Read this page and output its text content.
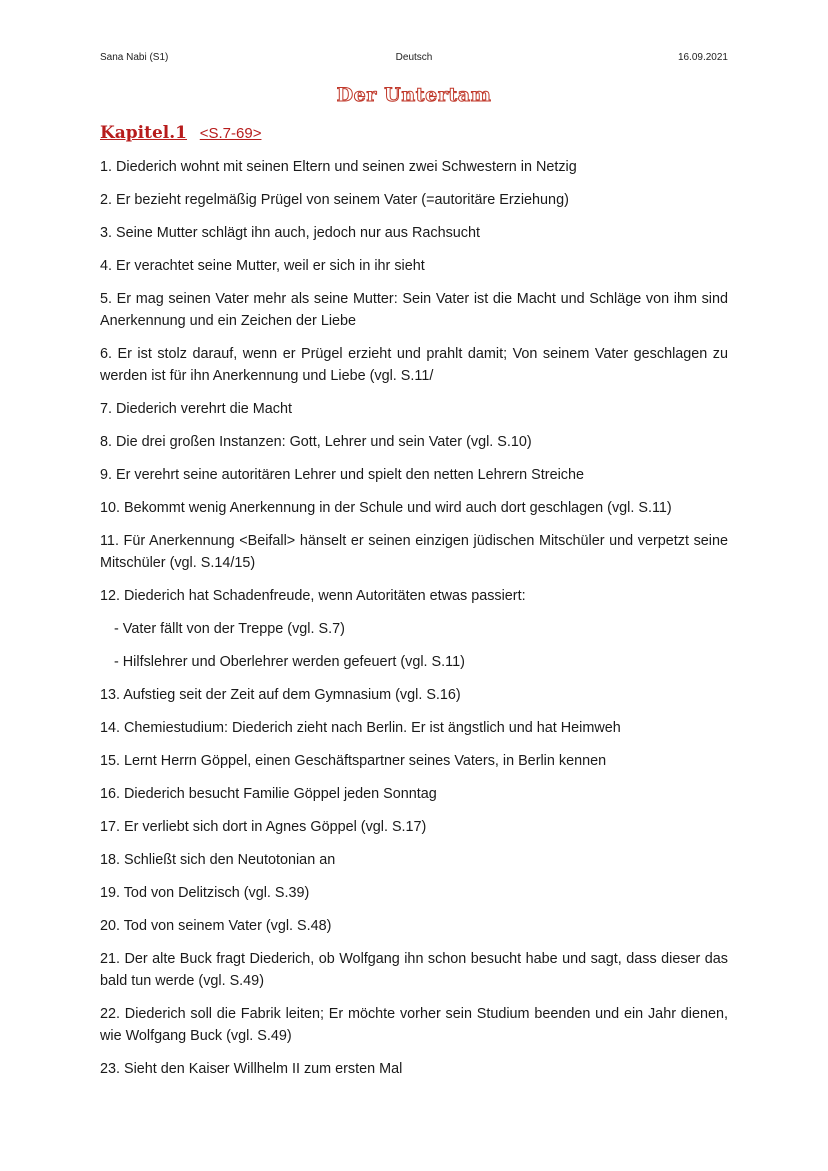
Sana Nabi (S1)	Deutsch	16.09.2021
Der Untertam
Kapitel.1 <S.7-69>
1. Diederich wohnt mit seinen Eltern und seinen zwei Schwestern in Netzig
2. Er bezieht regelmäßig Prügel von seinem Vater (=autoritäre Erziehung)
3. Seine Mutter schlägt ihn auch, jedoch nur aus Rachsucht
4. Er verachtet seine Mutter, weil er sich in ihr sieht
5. Er mag seinen Vater mehr als seine Mutter: Sein Vater ist die Macht und Schläge von ihm sind Anerkennung und ein Zeichen der Liebe
6. Er ist stolz darauf, wenn er Prügel erzieht und prahlt damit; Von seinem Vater geschlagen zu werden ist für ihn Anerkennung und Liebe (vgl. S.11/
7. Diederich verehrt die Macht
8. Die drei großen Instanzen: Gott, Lehrer und sein Vater (vgl. S.10)
9. Er verehrt seine autoritären Lehrer und spielt den netten Lehrern Streiche
10. Bekommt wenig Anerkennung in der Schule und wird auch dort geschlagen (vgl. S.11)
11. Für Anerkennung <Beifall> hänselt er seinen einzigen jüdischen Mitschüler und verpetzt seine Mitschüler (vgl. S.14/15)
12. Diederich hat Schadenfreude, wenn Autoritäten etwas passiert:
- Vater fällt von der Treppe (vgl. S.7)
- Hilfslehrer und Oberlehrer werden gefeuert (vgl. S.11)
13. Aufstieg seit der Zeit auf dem Gymnasium (vgl. S.16)
14. Chemiestudium: Diederich zieht nach Berlin. Er ist ängstlich und hat Heimweh
15. Lernt Herrn Göppel, einen Geschäftspartner seines Vaters, in Berlin kennen
16. Diederich besucht Familie Göppel jeden Sonntag
17. Er verliebt sich dort in Agnes Göppel (vgl. S.17)
18. Schließt sich den Neutotonian an
19. Tod von Delitzisch (vgl. S.39)
20. Tod von seinem Vater (vgl. S.48)
21. Der alte Buck fragt Diederich, ob Wolfgang ihn schon besucht habe und sagt, dass dieser das bald tun werde (vgl. S.49)
22. Diederich soll die Fabrik leiten; Er möchte vorher sein Studium beenden und ein Jahr dienen, wie Wolfgang Buck (vgl. S.49)
23. Sieht den Kaiser Willhelm II zum ersten Mal
